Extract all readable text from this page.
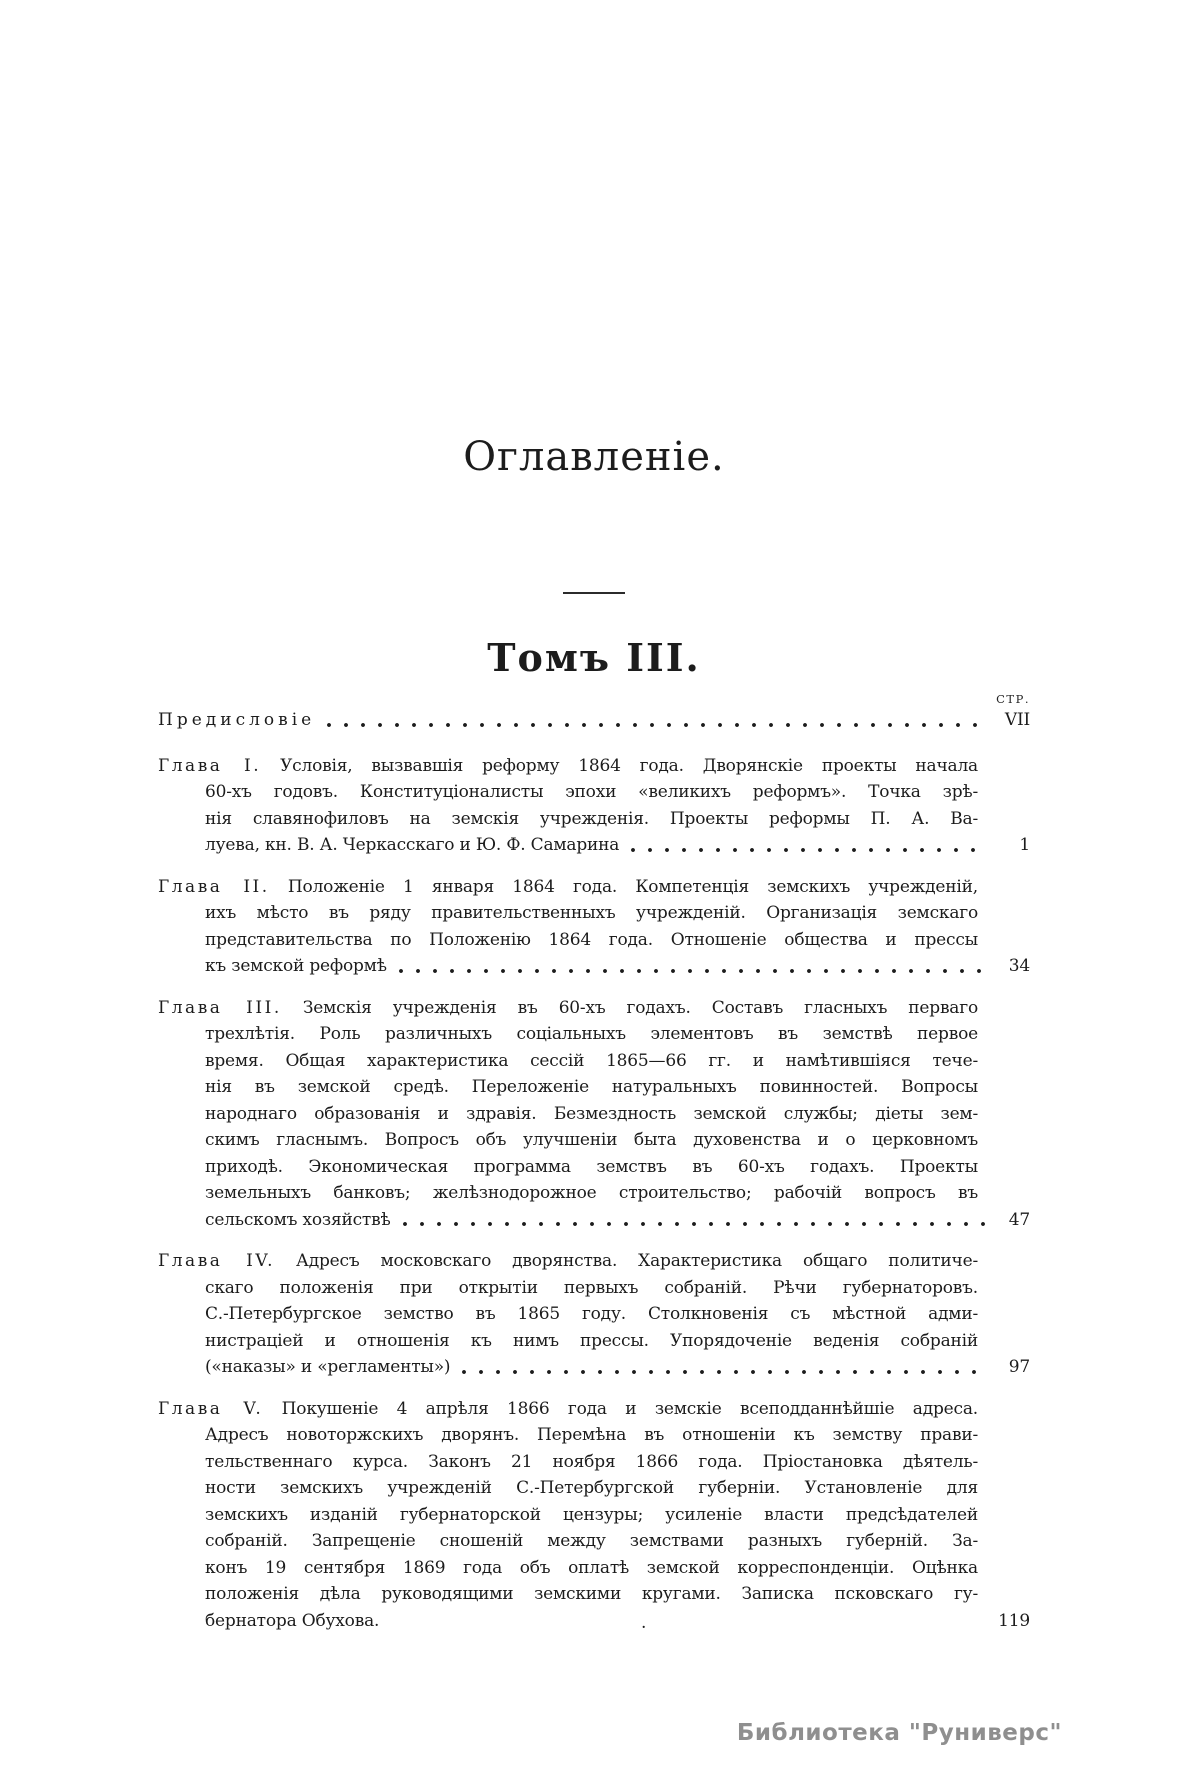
Оглавленіе.
Томъ III.
СТР.
Предисловіе	VII
Глава I. Условія, вызвавшія реформу 1864 года. Дворянскіе проекты начала
60-хъ годовъ. Конституціоналисты эпохи «великихъ реформъ». Точка зрѣ-
нія славянофиловъ на земскія учрежденія. Проекты реформы П. А. Ва-
луева, кн. В. А. Черкасскаго и Ю. Ф. Самарина	1
Глава II. Положеніе 1 января 1864 года. Компетенція земскихъ учрежденій,
ихъ мѣсто въ ряду правительственныхъ учрежденій. Организація земскаго
представительства по Положенію 1864 года. Отношеніе общества и прессы
къ земской реформѣ	34
Глава III. Земскія учрежденія въ 60-хъ годахъ. Составъ гласныхъ перваго
трехлѣтія. Роль различныхъ соціальныхъ элементовъ въ земствѣ первое
время. Общая характеристика сессій 1865—66 гг. и намѣтившіяся тече-
нія въ земской средѣ. Переложеніе натуральныхъ повинностей. Вопросы
народнаго образованія и здравія. Безмездность земской службы; діеты зем-
скимъ гласнымъ. Вопросъ объ улучшеніи быта духовенства и о церковномъ
приходѣ. Экономическая программа земствъ въ 60-хъ годахъ. Проекты
земельныхъ банковъ; желѣзнодорожное строительство; рабочій вопросъ въ
сельскомъ хозяйствѣ	47
Глава IV. Адресъ московскаго дворянства. Характеристика общаго политиче-
скаго положенія при открытіи первыхъ собраній. Рѣчи губернаторовъ.
С.-Петербургское земство въ 1865 году. Столкновенія съ мѣстной адми-
нистраціей и отношенія къ нимъ прессы. Упорядоченіе веденія собраній
(«наказы» и «регламенты»)	97
Глава V. Покушеніе 4 апрѣля 1866 года и земскіе всеподданнѣйшіе адреса.
Адресъ новоторжскихъ дворянъ. Перемѣна въ отношеніи къ земству прави-
тельственнаго курса. Законъ 21 ноября 1866 года. Пріостановка дѣятель-
ности земскихъ учрежденій С.-Петербургской губерніи. Установленіе для
земскихъ изданій губернаторской цензуры; усиленіе власти предсѣдателей
собраній. Запрещеніе сношеній между земствами разныхъ губерній. За-
конъ 19 сентября 1869 года объ оплатѣ земской корреспонденціи. Оцѣнка
положенія дѣла руководящими земскими кругами. Записка псковскаго гу-
бернатора Обухова.	.	119
Библиотека "Руниверс"
